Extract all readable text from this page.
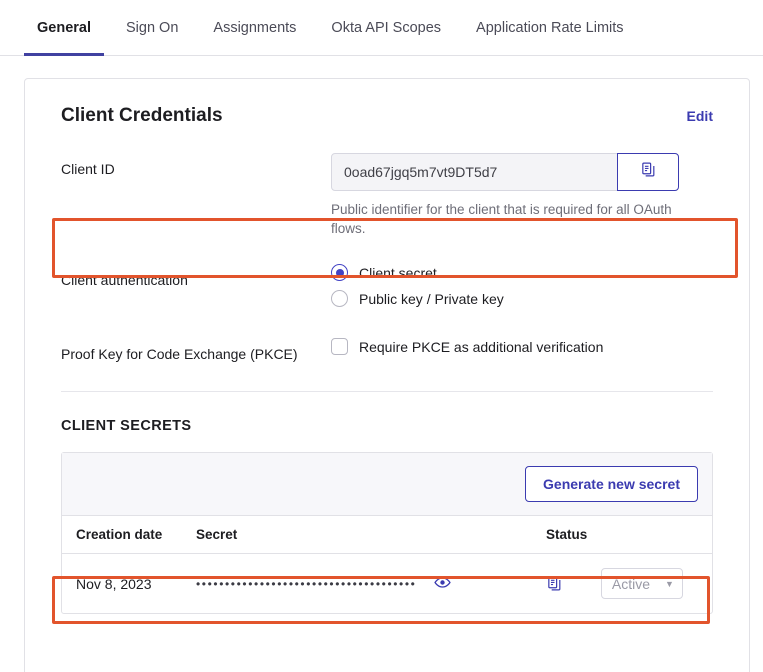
General Sign On Assignments Okta API Scopes Application Rate Limits
Client Credentials	Edit
Client ID
0oad67jgq5m7vt9DT5d7
Public identifier for the client that is required for all OAuth flows.
Client authentication	Client secret
Public key / Private key
Proof Key for Code Exchange (PKCE)	Require PKCE as additional verification
CLIENT SECRETS
Generate new secret
Creation date	Secret	Status
Nov 8, 2023	••••••••••••••••••••••••••••••••••••••	Active ▼
